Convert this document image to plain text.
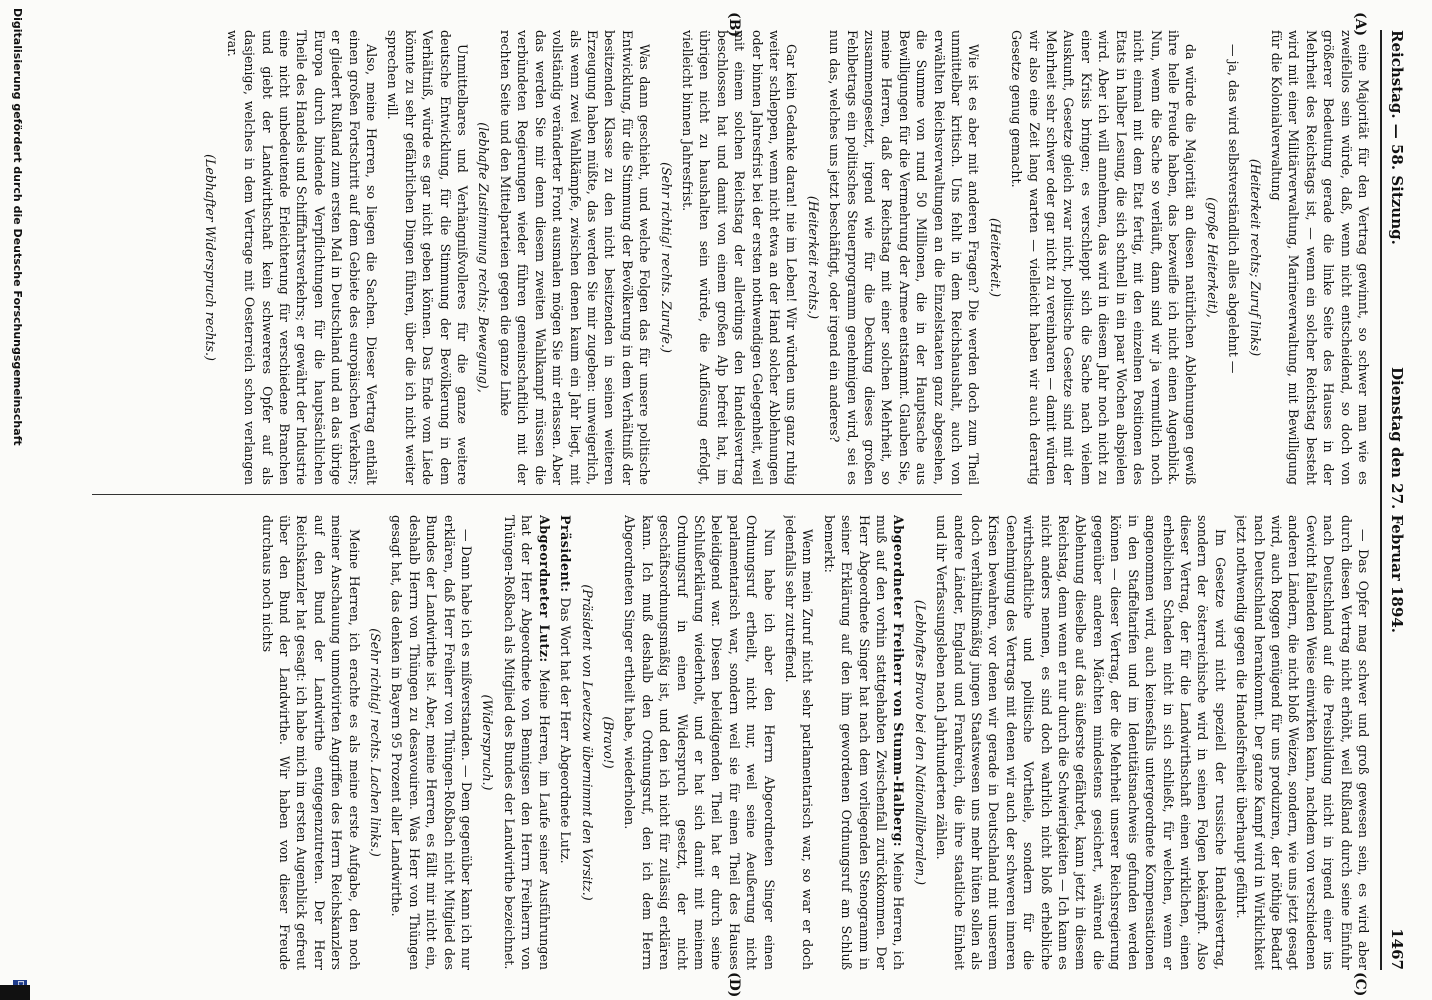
Reichstag. — 58. Sitzung.
Dienstag den 27. Februar 1894.
1467
(A)
(B)
(C)
(D)

eine Majorität für den Vertrag gewinnt, so schwer man wie es zweifellos sein würde, daß, wenn nicht entscheidend, so doch von größerer Bedeutung gerade die linke Seite des Hauses in der Mehrheit des Reichstags ist, — wenn ein solcher Reichstag besteht wird mit einer Militärverwaltung, Marineverwaltung, mit Bewilligung für die Kolonialverwaltung

(Heiterkeit rechts; Zuruf links)

— ja, das wird selbstverständlich alles abgelehnt —

(große Heiterkeit),

da würde die Majorität an diesen natürlichen Ablehnungen gewiß ihre helle Freude haben, das bezweifle ich nicht einen Augenblick. Nun, wenn die Sache so verläuft, dann sind wir ja vermutlich noch nicht einmal mit dem Etat fertig, mit den einzelnen Positionen des Etats in halber Lesung, die sich schnell in ein paar Wochen abspielen wird. Aber ich will annehmen, das wird in diesem Jahr noch nicht zu einer Krisis bringen; es verschleppt sich die Sache nach vielem Auskunft, Gesetze gleich zwar nicht, politische Gesetze sind mit der Mehrheit sehr schwer oder gar nicht zu vereinbaren — damit würden wir also eine Zeit lang warten — vielleicht haben wir auch derartig Gesetze genug gemacht.

(Heiterkeit.)

Wie ist es aber mit anderen Fragen? Die werden doch zum Theil unmittelbar kritisch. Uns fehlt in dem Reichshaushalt, auch von erwählten Reichsverwaltungen an die Einzelstaaten ganz abgesehen, die Summe von rund 50 Millionen, die in der Hauptsache aus Bewilligungen für die Vermehrung der Armee entstammt. Glauben Sie, meine Herren, daß der Reichstag mit einer solchen Mehrheit, so zusammengesetzt, irgend wie für die Deckung dieses großen Fehlbetrags ein politisches Steuerprogramm genehmigen wird, sei es nun das, welches uns jetzt beschäftigt, oder irgend ein anderes?

(Heiterkeit rechts.)

Gar kein Gedanke daran! nie im Leben! Wir würden uns ganz ruhig weiter schleppen, wenn nicht etwa an der Hand solcher Ablehnungen oder binnen Jahresfrist bei der ersten nothwendigen Gelegenheit, weil mit einem solchen Reichstag der allerdings den Handelsvertrag beschlossen hat und damit von einem großen Alp befreit hat, im übrigen nicht zu haushalten sein würde, die Auflösung erfolgt, vielleicht binnen Jahresfrist.

(Sehr richtig! rechts. Zurufe.)

Was dann geschieht, und welche Folgen das für unsere politische Entwicklung, für die Stimmung der Bevölkerung in dem Verhältniß der besitzenden Klasse zu den nicht besitzenden in seinen weiteren Erzeugung haben müßte, das werden Sie mir zugeben: unweigerlich, als wenn zwei Wahlkämpfe, zwischen denen kaum ein Jahr liegt, mit vollständig veränderter Front ausmalen mögen Sie mir erlassen. Aber das werden Sie mir denn diesem zweiten Wahlkampf müssen die verbündeten Regierungen wieder führen gemeinschaftlich mit der rechten Seite und den Mittelparteien gegen die ganze Linke

(lebhafte Zustimmung rechts; Bewegung),

Unmittelbares und Verhängnißvolleres für die ganze weitere deutsche Entwicklung, für die Stimmung der Bevölkerung in dem Verhältniß, würde es gar nicht geben können. Das Ende vom Liede könnte zu sehr gefährlichen Dingen führen, über die ich nicht weiter sprechen will.

Also, meine Herren, so liegen die Sachen. Dieser Vertrag enthält einen großen Fortschritt auf dem Gebiete des europäischen Verkehrs; er gliedert Rußland zum ersten Mal in Deutschland und an das übrige Europa durch bindende Verpflichtungen für die hauptsächlichen Theile des Handels und Schifffahrtsverkehrs; er gewährt der Industrie eine nicht unbedeutende Erleichterung für verschiedene Branchen und giebt der Landwirthschaft kein schwereres Opfer auf als dasjenige, welches in dem Vertrage mit Oesterreich schon verlangen war.

(Lebhafter Widerspruch rechts.)

— Das Opfer mag schwer und groß gewesen sein, es wird aber durch diesen Vertrag nicht erhöht, weil Rußland durch seine Einfuhr nach Deutschland auf die Preisbildung nicht in irgend einer ins Gewicht fallenden Weise einwirken kann, nachdem von verschiedenen anderen Ländern, die nicht bloß Weizen, sondern, wie uns jetzt gesagt wird, auch Roggen genügend für uns produziren, der nöthige Bedarf nach Deutschland herankommt. Der ganze Kampf wird in Wirklichkeit jetzt nothwendig gegen die Handelsfreiheit überhaupt geführt.

Im Gesetze wird nicht speziell der russische Handelsvertrag, sondern der österreichische wird in seinen Folgen bekämpft. Also dieser Vertrag, der für die Landwirthschaft einen wirklichen, einen erheblichen Schaden nicht in sich schließt, für welchen, wenn er angenommen wird, auch keinesfalls untergeordnete Kompensationen in den Staffeltarifen und im Identitätsnachweis gefunden werden können — dieser Vertrag, der die Mehrheit unserer Reichsregierung gegenüber anderen Mächten mindestens gesichert, während die Ablehnung dieselbe auf das äußerste gefährdet, kann jetzt in diesem Reichstag, denn wenn er nur durch die Schwierigkeiten — Ich kann es nicht anders nennen, es sind doch wahrlich nicht bloß erhebliche wirthschaftliche und politische Vortheile, sondern für die Genehmigung des Vertrags mit denen wir auch der schweren inneren Krisen bewahren, vor denen wir gerade in Deutschland mit unserem doch verhältnißmäßig jungen Staatswesen uns mehr hüten sollen als andere Länder, England und Frankreich, die ihre staatliche Einheit und ihr Verfassungsleben nach Jahrhunderten zählen.

(Lebhaftes Bravo bei den Nationalliberalen.)

Abgeordneter Freiherr von Stumm-Halberg: Meine Herren, ich muß auf den vorhin stattgehabten Zwischenfall zurückkommen. Der Herr Abgeordnete Singer hat nach dem vorliegenden Stenogramm in seiner Erklärung auf den ihm gewordenen Ordnungsruf am Schluß bemerkt:

Wenn mein Zuruf nicht sehr parlamentarisch war, so war er doch jedenfalls sehr zutreffend.

Nun habe ich aber den Herrn Abgeordneten Singer einen Ordnungsruf ertheilt, nicht nur, weil seine Aeußerung nicht parlamentarisch war, sondern weil sie für einen Theil des Hauses beleidigend war. Diesen beleidigenden Theil hat er durch seine Schlußerklärung wiederholt, und er hat sich damit mit meinem Ordnungsruf in einen Widerspruch gesetzt, der nicht geschäftsordnungsmäßig ist, und den ich nicht für zulässig erklären kann. Ich muß deshalb den Ordnungsruf, den ich dem Herrn Abgeordneten Singer ertheilt habe, wiederholen.

(Bravo!)

(Präsident von Levetzow übernimmt den Vorsitz.)

Präsident: Das Wort hat der Herr Abgeordnete Lutz.

Abgeordneter Lutz: Meine Herren, im Laufe seiner Ausführungen hat der Herr Abgeordnete von Bennigsen den Herrn Freiherrn von Thüngen-Roßbach als Mitglied des Bundes der Landwirthe bezeichnet.

(Widerspruch.)

— Dann habe ich es mißverstanden. — Dem gegenüber kann ich nur erklären, daß Herr Freiherr von Thüngen-Roßbach nicht Mitglied des Bundes der Landwirthe ist. Aber, meine Herren, es fällt mir nicht ein, deshalb Herrn von Thüngen zu desavouiren. Was Herr von Thüngen gesagt hat, das denken in Bayern 95 Prozent aller Landwirthe.

(Sehr richtig! rechts. Lachen links.)

Meine Herren, ich erachte es als meine erste Aufgabe, den noch meiner Anschauung unmotivirten Angriffen des Herrn Reichskanzlers auf den Bund der Landwirthe entgegenzutreten. Der Herr Reichskanzler hat gesagt: ich habe mich im ersten Augenblick gefreut über den Bund der Landwirthe. Wir haben von dieser Freude durchaus noch nichts

Digitalisierung gefördert durch die Deutsche Forschungsgemeinschaft
